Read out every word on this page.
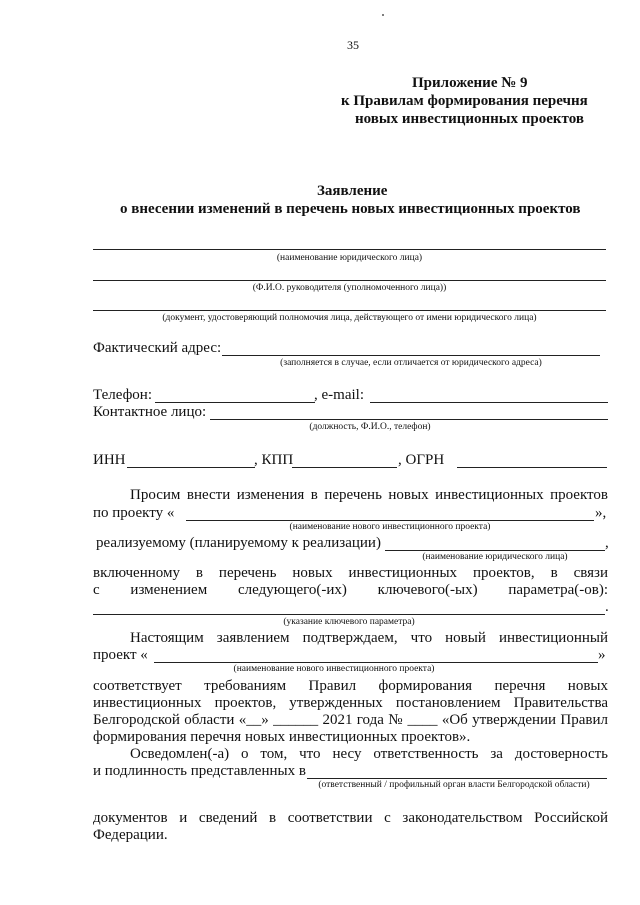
35
Приложение № 9
к Правилам формирования перечня
новых инвестиционных проектов
Заявление
о внесении изменений в перечень новых инвестиционных проектов
(наименование юридического лица)
(Ф.И.О. руководителя (уполномоченного лица))
(документ, удостоверяющий полномочия лица, действующего от имени юридического лица)
Фактический адрес:
(заполняется в случае, если отличается от юридического адреса)
Телефон:	, e-mail:
Контактное лицо:
(должность, Ф.И.О., телефон)
ИНН	, КПП	, ОГРН
Просим внести изменения в перечень новых инвестиционных проектов
по проекту «	»,
(наименование нового инвестиционного проекта)
реализуемому (планируемому к реализации)	,
(наименование юридического лица)
включенному в перечень новых инвестиционных проектов, в связи
с изменением следующего(-их) ключевого(-ых) параметра(-ов):
.
(указание ключевого параметра)
Настоящим заявлением подтверждаем, что новый инвестиционный
проект «	»
(наименование нового инвестиционного проекта)
соответствует требованиям Правил формирования перечня новых
инвестиционных проектов, утвержденных постановлением Правительства
Белгородской области «__» ______ 2021 года № ____ «Об утверждении Правил
формирования перечня новых инвестиционных проектов».
Осведомлен(-а) о том, что несу ответственность за достоверность
и подлинность представленных в
(ответственный / профильный орган власти Белгородской области)
документов и сведений в соответствии с законодательством Российской
Федерации.
